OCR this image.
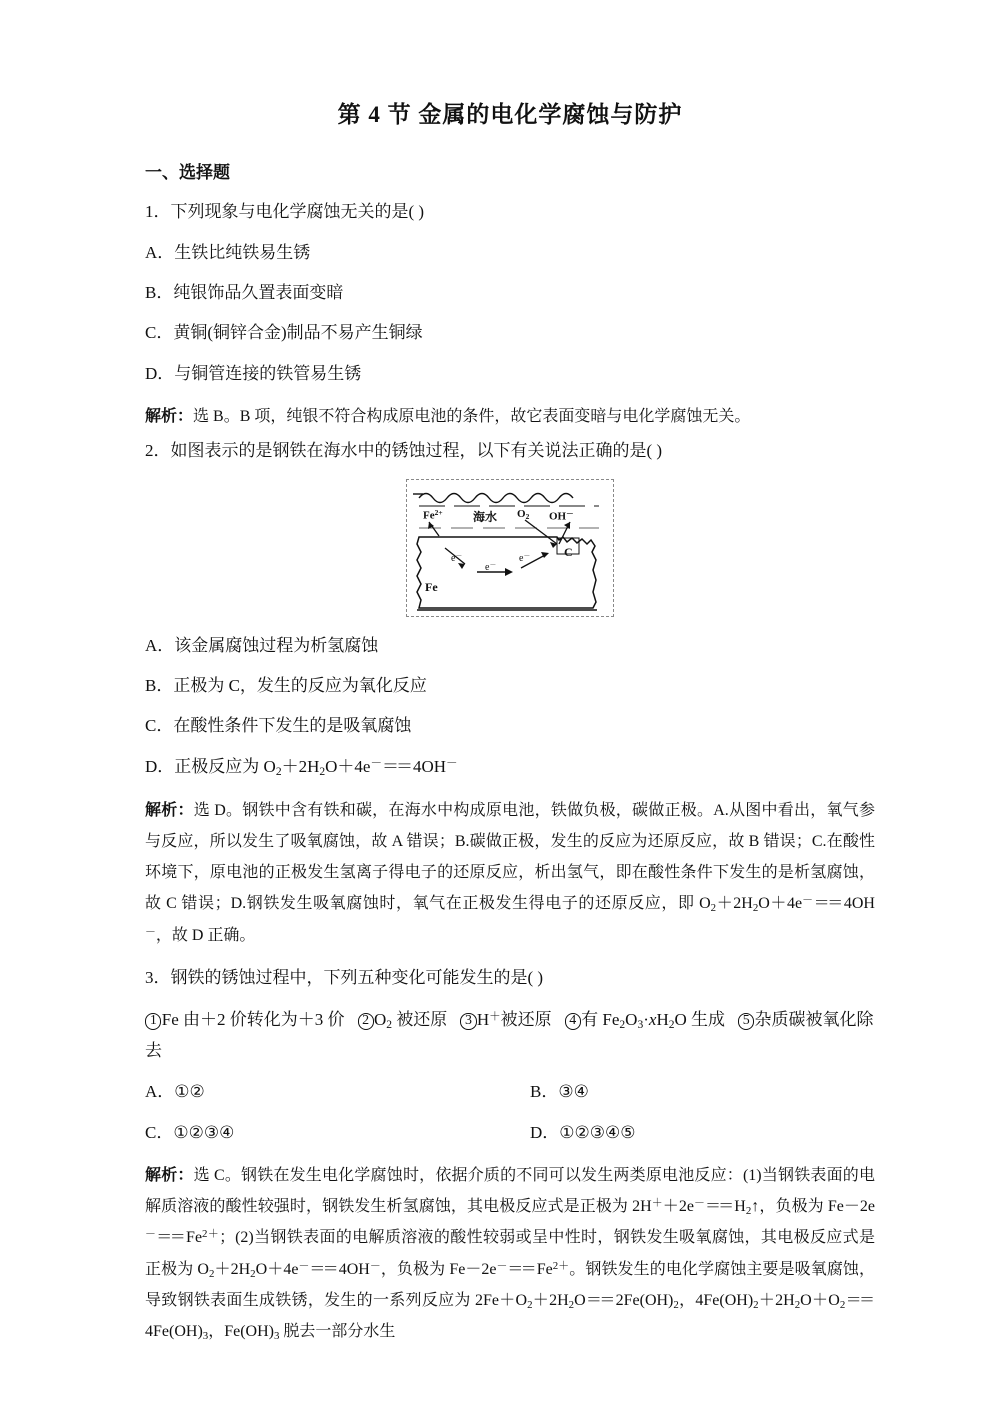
第 4 节 金属的电化学腐蚀与防护
一、选择题
1．下列现象与电化学腐蚀无关的是( )
A．生铁比纯铁易生锈
B．纯银饰品久置表面变暗
C．黄铜(铜锌合金)制品不易产生铜绿
D．与铜管连接的铁管易生锈
解析：选 B。B 项，纯银不符合构成原电池的条件，故它表面变暗与电化学腐蚀无关。
2．如图表示的是钢铁在海水中的锈蚀过程，以下有关说法正确的是( )
$Fe^{2+}$	海水 $O_2$ OH－
C
Fe
e－
e－
e－
A．该金属腐蚀过程为析氢腐蚀
B．正极为 C，发生的反应为氧化反应
C．在酸性条件下发生的是吸氧腐蚀
D．正极反应为 $O_2+2H_2O+4e^-== 4OH^-$
解析：选 D。钢铁中含有铁和碳，在海水中构成原电池，铁做负极，碳做正极。A.从图中看出，氧气参与反应，所以发生了吸氧腐蚀，故 A 错误；B.碳做正极，发生的反应为还原反应，故 B 错误；C.在酸性环境下，原电池的正极发生氢离子得电子的还原反应，析出氢气，即在酸性条件下发生的是析氢腐蚀，故 C 错误；D.钢铁发生吸氧腐蚀时，氧气在正极发生得电子的还原反应，即 $O_2+2H_2O+4e^-== 4OH^-$，故 D 正确。
3．钢铁的锈蚀过程中，下列五种变化可能发生的是( )
1 Fe 由＋2 价转化为＋3 价 2 $O_2$ 被还原 3 H＋被还原 4 有 $Fe_2O_3\cdot xH_2O$ 生成 5 杂质碳被氧化除去
A．①②	B．③④
C．①②③④	D．①②③④⑤
解析：选 C。钢铁在发生电化学腐蚀时，依据介质的不同可以发生两类原电池反应：(1)当钢铁表面的电解质溶液的酸性较强时，钢铁发生析氢腐蚀，其电极反应式是正极为 $2H^++2e^-== H_2↑$，负极为 $Fe-2e^-== Fe^{2+}$；(2)当钢铁表面的电解质溶液的酸性较弱或呈中性时，钢铁发生吸氧腐蚀，其电极反应式是正极为 $O_2+2H_2O+4e^-== 4OH^-$，负极为 $Fe-2e^-== Fe^{2+}$。钢铁发生的电化学腐蚀主要是吸氧腐蚀，导致钢铁表面生成铁锈，发生的一系列反应为 $2Fe+O_2+2H_2O== 2Fe(OH)_2$，$4Fe(OH)_2+2H_2O+O_2==4Fe(OH)_3$，$Fe(OH)_3$ 脱去一部分水生
